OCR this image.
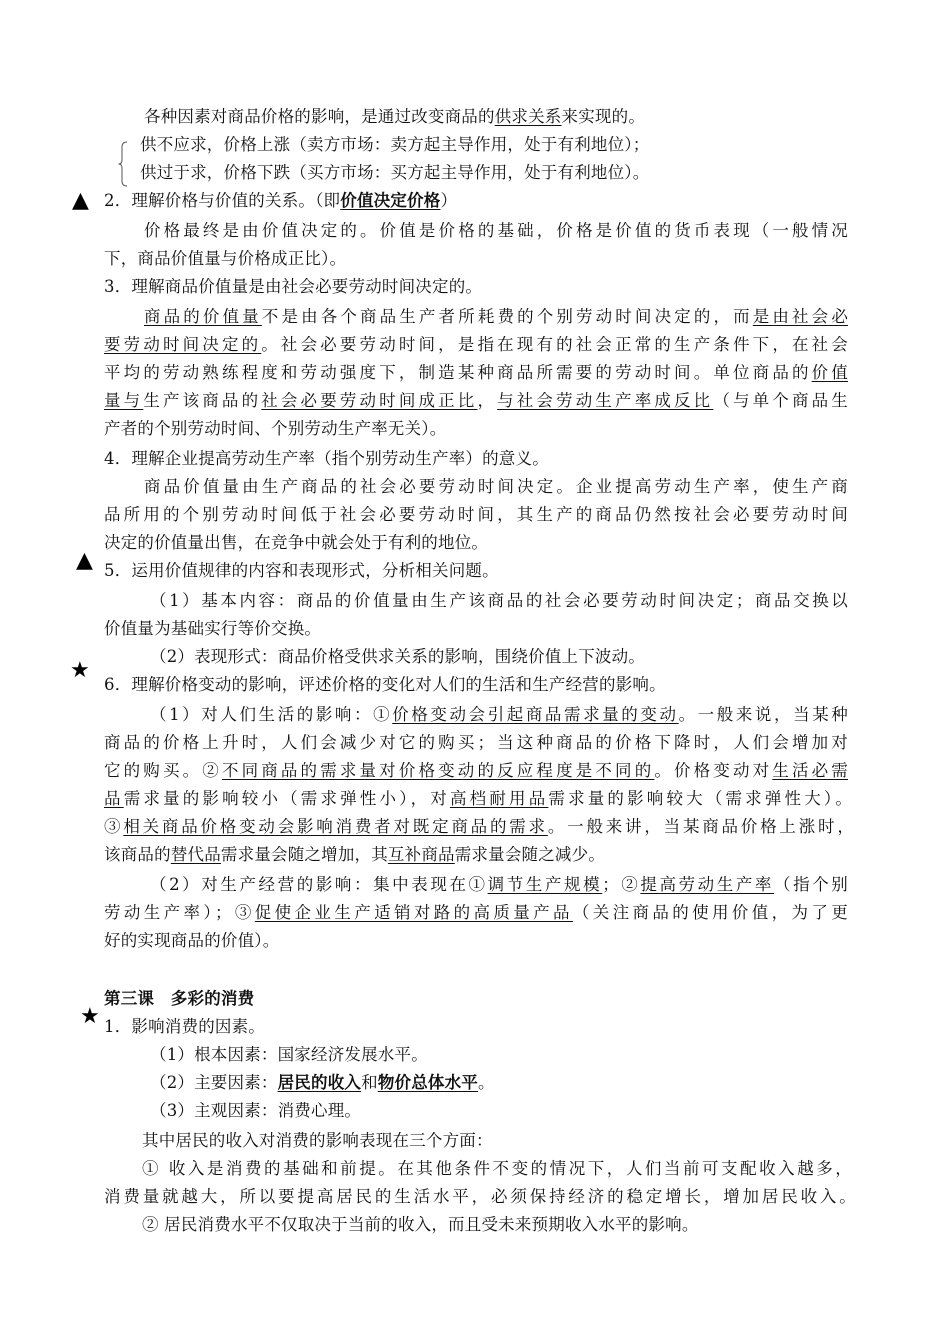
▲
▲
★
★
各种因素对商品价格的影响，是通过改变商品的供求关系来实现的。
供不应求，价格上涨（卖方市场：卖方起主导作用，处于有利地位）；
供过于求，价格下跌（买方市场：买方起主导作用，处于有利地位）。
2．理解价格与价值的关系。（即价值决定价格）
价格最终是由价值决定的。价值是价格的基础，价格是价值的货币表现（一般情况
下，商品价值量与价格成正比）。
3．理解商品价值量是由社会必要劳动时间决定的。
商品的价值量不是由各个商品生产者所耗费的个别劳动时间决定的，而是由社会必
要劳动时间决定的。社会必要劳动时间，是指在现有的社会正常的生产条件下，在社会
平均的劳动熟练程度和劳动强度下，制造某种商品所需要的劳动时间。单位商品的价值
量与生产该商品的社会必要劳动时间成正比，与社会劳动生产率成反比（与单个商品生
产者的个别劳动时间、个别劳动生产率无关）。
4．理解企业提高劳动生产率（指个别劳动生产率）的意义。
商品价值量由生产商品的社会必要劳动时间决定。企业提高劳动生产率，使生产商
品所用的个别劳动时间低于社会必要劳动时间，其生产的商品仍然按社会必要劳动时间
决定的价值量出售，在竞争中就会处于有利的地位。
5．运用价值规律的内容和表现形式，分析相关问题。
（1）基本内容：商品的价值量由生产该商品的社会必要劳动时间决定；商品交换以
价值量为基础实行等价交换。
（2）表现形式：商品价格受供求关系的影响，围绕价值上下波动。
6．理解价格变动的影响，评述价格的变化对人们的生活和生产经营的影响。
（1）对人们生活的影响：①价格变动会引起商品需求量的变动。一般来说，当某种
商品的价格上升时，人们会减少对它的购买；当这种商品的价格下降时，人们会增加对
它的购买。②不同商品的需求量对价格变动的反应程度是不同的。价格变动对生活必需
品需求量的影响较小（需求弹性小），对高档耐用品需求量的影响较大（需求弹性大）。
③相关商品价格变动会影响消费者对既定商品的需求。一般来讲，当某商品价格上涨时，
该商品的替代品需求量会随之增加，其互补商品需求量会随之减少。
（2）对生产经营的影响：集中表现在①调节生产规模；②提高劳动生产率（指个别
劳动生产率）；③促使企业生产适销对路的高质量产品（关注商品的使用价值，为了更
好的实现商品的价值）。
第三课　多彩的消费
1．影响消费的因素。
（1）根本因素：国家经济发展水平。
（2）主要因素：居民的收入和物价总体水平。
（3）主观因素：消费心理。
其中居民的收入对消费的影响表现在三个方面：
① 收入是消费的基础和前提。在其他条件不变的情况下，人们当前可支配收入越多，
消费量就越大，所以要提高居民的生活水平，必须保持经济的稳定增长，增加居民收入。
② 居民消费水平不仅取决于当前的收入，而且受未来预期收入水平的影响。
